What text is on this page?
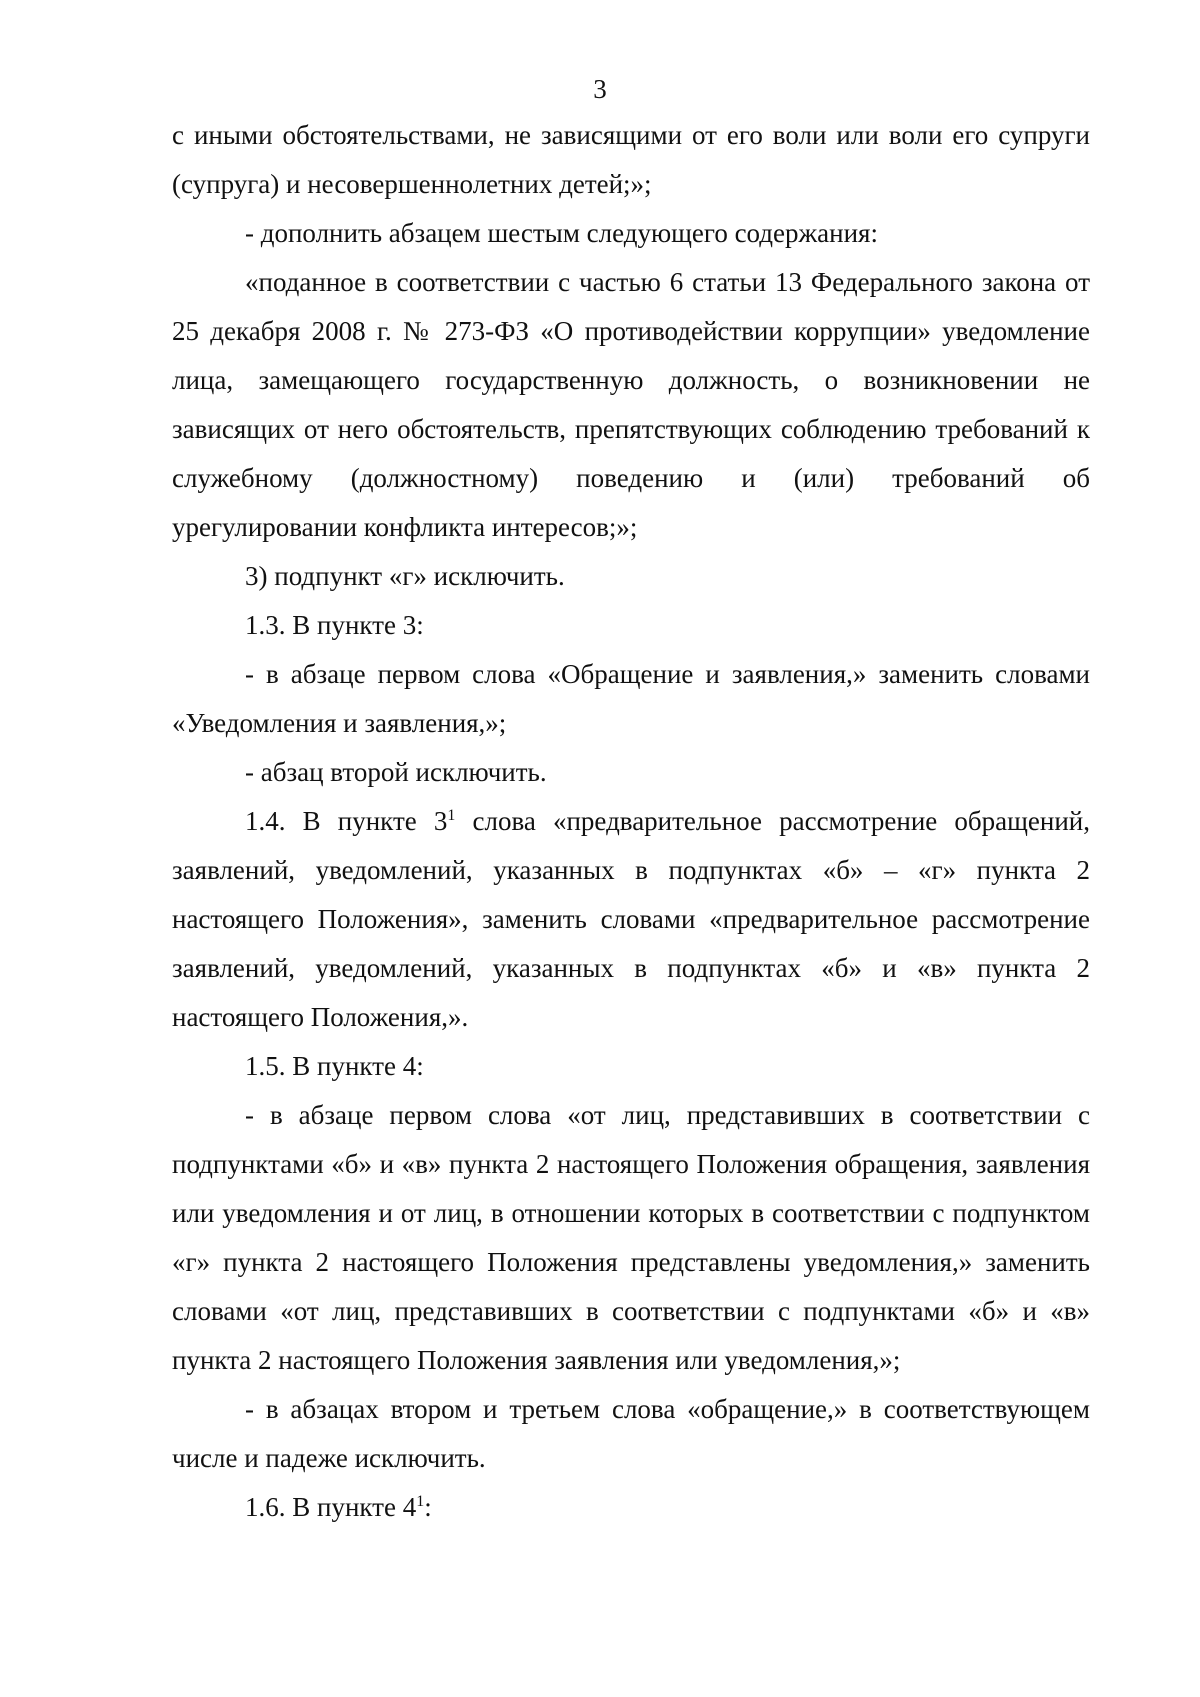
3

с иными обстоятельствами, не зависящими от его воли или воли его супруги (супруга) и несовершеннолетних детей;»;

- дополнить абзацем шестым следующего содержания:

«поданное в соответствии с частью 6 статьи 13 Федерального закона от 25 декабря 2008 г. № 273-ФЗ «О противодействии коррупции» уведомление лица, замещающего государственную должность, о возникновении не зависящих от него обстоятельств, препятствующих соблюдению требований к служебному (должностному) поведению и (или) требований об урегулировании конфликта интересов;»;

3) подпункт «г» исключить.

1.3. В пункте 3:

- в абзаце первом слова «Обращение и заявления,» заменить словами «Уведомления и заявления,»;

- абзац второй исключить.

1.4. В пункте $3^1$ слова «предварительное рассмотрение обращений, заявлений, уведомлений, указанных в подпунктах «б» – «г» пункта 2 настоящего Положения», заменить словами «предварительное рассмотрение заявлений, уведомлений, указанных в подпунктах «б» и «в» пункта 2 настоящего Положения,».

1.5. В пункте 4:

- в абзаце первом слова «от лиц, представивших в соответствии с подпунктами «б» и «в» пункта 2 настоящего Положения обращения, заявления или уведомления и от лиц, в отношении которых в соответствии с подпунктом «г» пункта 2 настоящего Положения представлены уведомления,» заменить словами «от лиц, представивших в соответствии с подпунктами «б» и «в» пункта 2 настоящего Положения заявления или уведомления,»;

- в абзацах втором и третьем слова «обращение,» в соответствующем числе и падеже исключить.

1.6. В пункте $4^1$:
